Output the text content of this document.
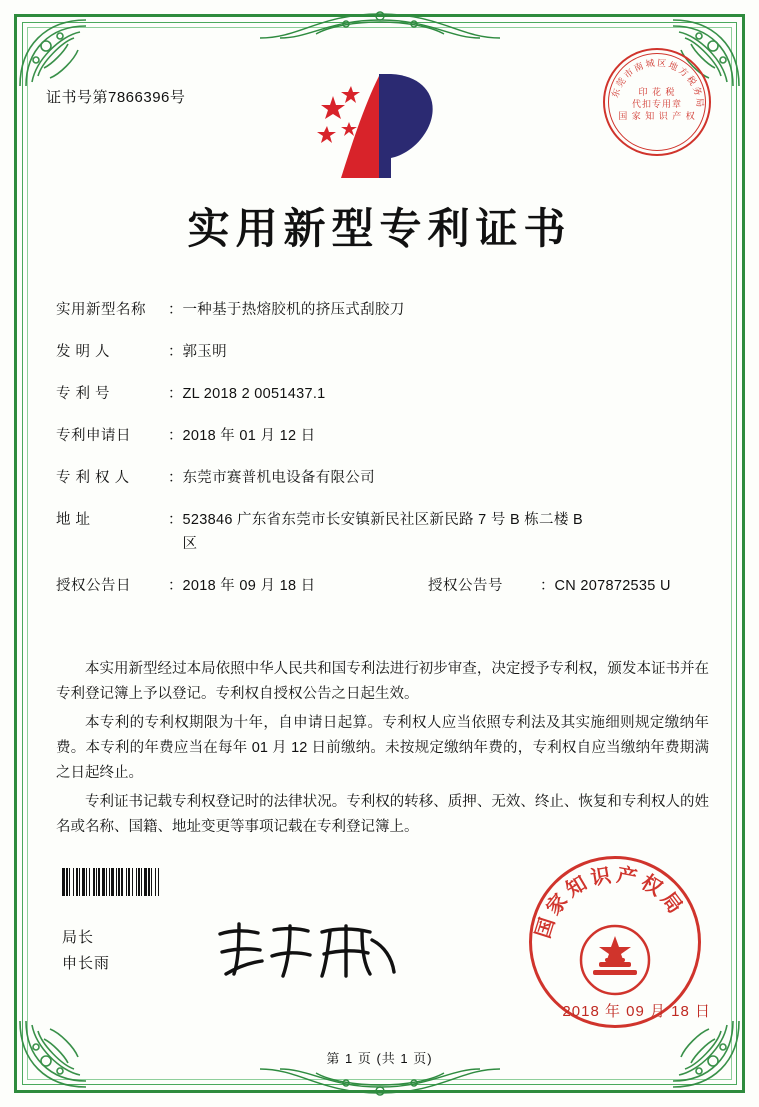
证书号第7866396号	东莞市南城区地方税务局
印 花 税
代扣专用章
国 家 知 识 产 权
实用新型专利证书
实用新型名称	： 一种基于热熔胶机的挤压式刮胶刀
发 明 人	： 郭玉明
专 利 号	： ZL 2018 2 0051437.1
专利申请日	： 2018 年 01 月 12 日
专 利 权 人	： 东莞市赛普机电设备有限公司
地 址	： 523846 广东省东莞市长安镇新民社区新民路 7 号 B 栋二楼 B
区
授权公告日	： 2018 年 09 月 18 日	授权公告号	： CN 207872535 U

本实用新型经过本局依照中华人民共和国专利法进行初步审查，决定授予专利权，颁发本证书并在专利登记簿上予以登记。专利权自授权公告之日起生效。

本专利的专利权期限为十年，自申请日起算。专利权人应当依照专利法及其实施细则规定缴纳年费。本专利的年费应当在每年 01 月 12 日前缴纳。未按规定缴纳年费的，专利权自应当缴纳年费期满之日起终止。

专利证书记载专利权登记时的法律状况。专利权的转移、质押、无效、终止、恢复和专利权人的姓名或名称、国籍、地址变更等事项记载在专利登记簿上。

局长
申长雨
国家知识产权局
2018 年 09 月 18 日
第 1 页 (共 1 页)
